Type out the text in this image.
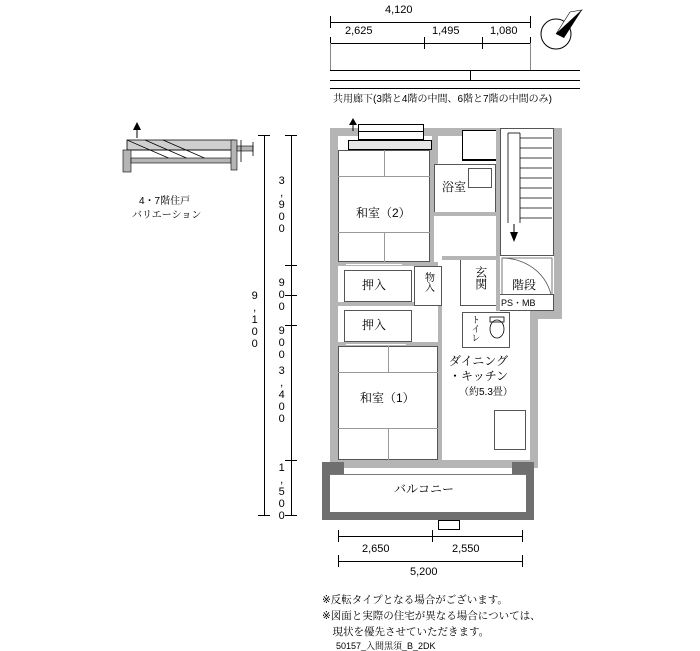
4,120
2,625	1,495	1,080
共用廊下(3階と4階の中間、6階と7階の中間のみ)
4・7階住戸
バリエーション
9,100
3,900
900 900
3,400
1,500	バルコニー
浴室
和室（2）
押入	物入
押入
和室（1）
玄関 階段
PS・MB
トイレ
ダイニング
・キッチン
（約5.3畳）
2,650	2,550
5,200
※反転タイプとなる場合がございます。
※図面と実際の住宅が異なる場合については、
　現状を優先させていただきます。
50157_入間黒須_B_2DK
